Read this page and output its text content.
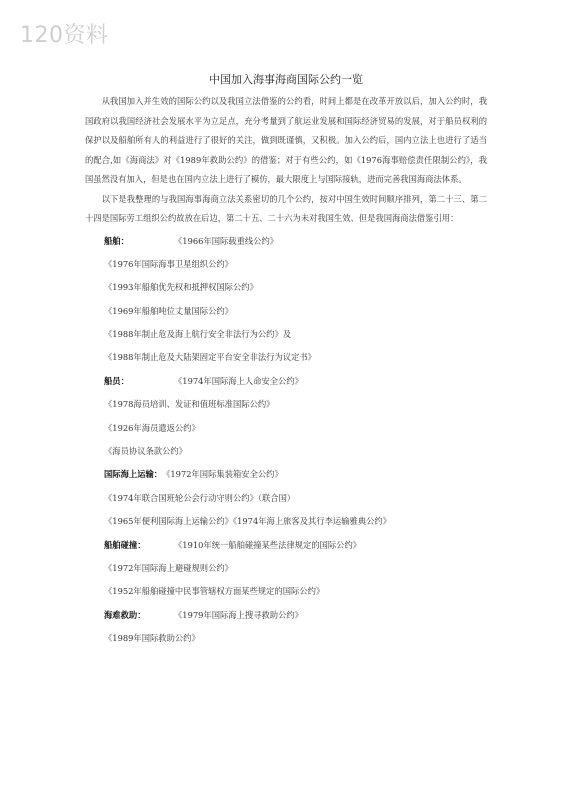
120资料
中国加入海事海商国际公约一览

从我国加入并生效的国际公约以及我国立法借鉴的公约看，时间上都是在改革开放以后，加入公约时，我国政府以我国经济社会发展水平为立足点，充分考量到了航运业发展和国际经济贸易的发展，对于船员权利的保护以及船舶所有人的利益进行了很好的关注，做到既谨慎，又积极。加入公约后，国内立法上也进行了适当的配合,如《海商法》对《1989年救助公约》的借鉴；对于有些公约，如《1976海事赔偿责任限制公约》，我国虽然没有加入，但是也在国内立法上进行了模仿，最大限度上与国际接轨，进而完善我国海商法体系。

以下是我整理的与我国海事海商立法关系密切的几个公约，按对中国生效时间顺序排列，第二十三、第二十四是国际劳工组织公约故放在后边，第二十五、二十六为未对我国生效、但是我国海商法借鉴引用：

船舶：	《1966年国际载重线公约》
《1976年国际海事卫星组织公约》
《1993年船舶优先权和抵押权国际公约》
《1969年船舶吨位丈量国际公约》
《1988年制止危及海上航行安全非法行为公约》及
《1988年制止危及大陆架固定平台安全非法行为议定书》
船员：	《1974年国际海上人命安全公约》
《1978海员培训、发证和值班标准国际公约》
《1926年海员遣返公约》
《海员协议条款公约》
国际海上运输：《1972年国际集装箱安全公约》
《1974年联合国班轮公会行动守则公约》（联合国）
《1965年便利国际海上运输公约》《1974年海上旅客及其行李运输雅典公约》
船舶碰撞：	《1910年统一船舶碰撞某些法律规定的国际公约》
《1972年国际海上避碰规则公约》
《1952年船舶碰撞中民事管辖权方面某些规定的国际公约》
海难救助：	《1979年国际海上搜寻救助公约》
《1989年国际救助公约》
